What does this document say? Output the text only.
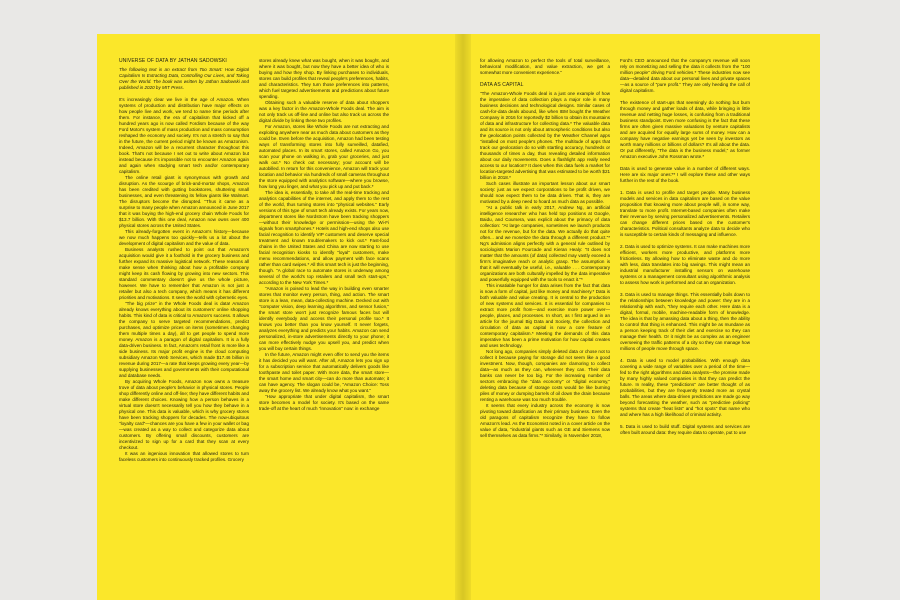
UNIVERSE OF DATA BY JATHAN SADOWSKI

The following text is an extract from Too Smart: How Digital Capitalism Is Extracting Data, Controlling Our Lives, and Taking Over the World. The book was written by Jathan Sadowski and published in 2020 by MIT Press.

It's increasingly clear we live in the age of Amazon. When systems of production and distribution have major effects on how people live and work, we tend to name time periods after them. For instance, the era of capitalism that kicked off a hundred years ago is now called Fordism because of the way Ford Motor's system of mass production and mass consumption reshaped the economy and society. It's not a stretch to say that in the future, the current period might be known as Amazonism. Indeed, Amazon will be a recurrent character throughout this book. That's not because I set out to write about Amazon but instead because it's impossible not to encounter Amazon again and again when studying smart tech and/or contemporary capitalism.

The online retail giant is synonymous with growth and disruption. As the scourge of brick-and-mortar shops, Amazon has been credited with gutting bookstores, shuttering small businesses, and even threatening its fellow giants like Walmart. The disruptors become the disrupted. "Thus it came as a surprise to many people when Amazon announced in June 2017 that it was buying the high-end grocery chain Whole Foods for $13.7 billion. With this one deal, Amazon now owns over 400 physical stores across the United States.

This already-forgotten event in Amazon's history—because we now much happens too quickly—tells us a lot about the development of digital capitalism and the value of data.

Business analysts rushed to point out that Amazon's acquisition would give it a foothold in the grocery business and further expand its massive logistical network. These reasons all make sense when thinking about how a profitable company might keep its cash flowing by growing into new sectors. This standard commentary doesn't give us the whole picture, however. We have to remember that Amazon is not just a retailer but also a tech company, which means it has different priorities and motivations. It sees the world with cybernetic eyes.

"The big prize" in the Whole Foods deal is data! Amazon already knows everything about its customers' online shopping habits. This kind of data is critical to Amazon's success. It allows the company to serve targeted recommendations, predict purchases, and optimize prices on items (sometimes changing them multiple times a day), all to get people to spend more money. Amazon is a paragon of digital capitalism. It is a fully data-driven business. In fact, Amazon's retail front is more like a side business. Its major profit engine is the cloud computing subsidiary Amazon Web Services, which made $17.46 billion in revenue during 2017—a rate that keeps growing every year—by supplying businesses and governments with their computational and database needs.

By acquiring Whole Foods, Amazon now owns a treasure trove of data about people's behavior in physical stores. People shop differently online and off-line; they have different habits and make different choices. Knowing how a person behaves in a virtual store doesn't necessarily tell you how they behave in a physical one. This data is valuable, which is why grocery stores have been tracking shoppers for decades. The now-ubiquitous "loyalty card"—chances are you have a few in your wallet or bag—was created as a way to collect and categorize data about customers. By offering small discounts, customers are incentivized to sign up for a card that they scan at every checkout.

It was an ingenious innovation that allowed stores to turn faceless customers into continuously tracked profiles. Grocery

stores already knew what was bought, when it was bought, and where it was bought, but now they have a better idea of who is buying and how they shop. By linking purchases to individuals, stores can build profiles that reveal people's preferences, habits, and characteristics. They turn those preferences into patterns, which fuel targeted advertisements and predictions about future spending.

Obtaining such a valuable reserve of data about shoppers was a key factor in the Amazon-Whole Foods deal. The aim is not only track us off-line and online but also track us across the digital divide by linking these two profiles.

For Amazon, stores like Whole Foods are not extracting and exploiting anywhere near as much data about customers as they could be. Even before the acquisition, Amazon had been testing ways of transforming stores into fully surveilled, datafied, automated places. In its smart stores, called Amazon Go, you scan your phone on walking in, grab your groceries, and just walk out.* No check out necessary; your account will be autobilled. In return for this convenience, Amazon will track your location and behavior via hundreds of small cameras throughout the store equipped with analytics software—where you browse, how long you linger, and what you pick up and put back.*

The idea is, essentially, to take all the real-time tracking and analytics capabilities of the internet, and apply them to the rest of the world, thus turning stores into "physical websites." Early versions of this type of smart tech already exists. For years now, department stores like Nordstrom have been tracking shoppers—without their knowledge or permission—using the Wi-Fi signals from smartphones.* Hotels and high-end shops also use facial recognition to identify VIP customers and deserve special treatment and known troublemakers to kick out.* Fast-food chains in the United States and China are now starting to use facial recognition kiosks to identify "loyal" customers, make menu recommendations, and allow payment with face scans rather than card swipes.* All this smart tech is just the beginning, though. "A global race to automate stores is underway among several of the world's top retailers and small tech start-ups," according to the New York Times.*

"Amazon is poised to lead the way in building even smarter stores that monitor every person, thing, and action. The smart store is a lean, mean, data-collecting machine. Decked out with "computer vision, deep learning algorithms, and sensor fusion," the smart store won't just recognize famous faces but will identify everybody and access their personal profile too.* It knows you better than you know yourself. It never forgets, analyzes everything and predicts your habits. Amazon can send personalized, in-store advertisements directly to your phone; it can more effectively nudge you upsell you, and predict when you will buy certain things.

In the future, Amazon might even offer to send you the items it has decided you will want. After all, Amazon lets you sign up for a subscription service that automatically delivers goods like toothpaste and toilet paper. With more data, the smart store—the smart home and smart city—can do more than automate; it can have agency. The slogan could be, "Amazon Choice: Toss away the grocery list. We already know what you want."

"How appropriate that under digital capitalism, the smart store becomes a model for society. It's based on the same trade-off at the heart of much "innovation" now: in exchange

for allowing Amazon to perfect the tools of total surveillance, behavioral modification, and value extraction, we get a somewhat more convenient experience."

DATA AS CAPITAL

"The Amazon-Whole Foods deal is a just one example of how the imperative of data collection plays a major role in many business decisions and technological designs. Similar cases of cash-for-data deals abound, like when IBM bought the Weather Company in 2016 for reportedly $2 billion to obtain its mountains of data and infrastructure for collecting data.* The valuable data and its source is not only about atmospheric conditions but also the geolocation points collected by the Weather Channel apps "installed on most people's phones. The multitude of apps that track our geolocation do so with startling accuracy, hundreds or thousands of times a day, thus revealing detailed information about our daily movements. Does a flashlight app really need access to our location? It does when this data fuels a market for location-targeted advertising that was estimated to be worth $21 billion in 2018.*

Such cases illustrate an important lesson about our smart society: just as we expect corporations to be profit driven, we should now expect them to be data driven. That is, they are motivated by a deep need to hoard as much data as possible.

"At a public talk in early 2017, Andrew Ng, an artificial intelligence researcher who has held top positions at Google, Baidu, and Coursera, was explicit about the primacy of data collection: "At large companies, sometimes we launch products not for the revenue, but for the data. We actually do that quite often... and we monetize the data through a different product."* Ng's admission aligns perfectly with a general rule outlined by sociologists Marion Fourcade and Kieran Healy: "It does not matter that the amounts (of data) collected may vastly exceed a firm's imaginative reach or analytic grasp. The assumption is that it will eventually be useful, i.e., valuable . . . Contemporary organizations are both culturally impelled by the data imperative and powerfully equipped with the tools to enact it."*

This insatiable hunger for data arises from the fact that data is now a form of capital, just like money and machinery.* Data is both valuable and value creating. It is central to the production of new systems and services. It is essential for companies to extract more profit from—and exercise more power over—people, places, and processes. In short, as I first argued in an article for the journal Big Data and Society, the collection and circulation of data as capital is now a core feature of contemporary capitalism.* Meeting the demands of this data imperative has been a prime motivation for how capital creates and uses technology.

Not long ago, companies simply deleted data or chose not to collect it because paying for storage did not seem like a good investment. Now, though, companies are clamoring to collect data—as much as they can, wherever they can. Their data banks can never be too big. For the increasing number of sectors embracing the "data economy" or "digital economy," deleting data because of storage costs would be like burning piles of money or dumping barrels of oil down the drain because renting a warehouse was too much trouble.

It seems that every industry across the economy is now pivoting toward datafication as their primary business. Even the old paragons of capitalism recognize they have to follow Amazon's lead. As the Economist noted in a cover article on the value of data, "industrial giants such as GE and Siemens now sell themselves as data firms."* Similarly, in November 2018,

Ford's CEO announced that the company's revenue will soon rely on monetizing and selling the data it collects from the "100 million people" driving Ford vehicles.* These industries now see data—detailed data about our personal lives and private spaces—as a source of "pure profit." They are only heeding the call of digital capitalism.

The existence of start-ups that seemingly do nothing but burn through money and gather loads of data, while bringing in little revenue and netting huge losses, is confusing from a traditional business standpoint. Even more confusing is the fact that these firms are often given massive valuations by venture capitalists and are acquired for equally large sums of money. How can a company have negative earnings yet be seen by investors as worth many millions or billions of dollars? It's all about the data. Or put differently, "The data is the business model," as former Amazon executive John Rossman wrote.*

Data is used to generate value in a number of different ways. Here are six major ones:** I will explore these and other ways further in the rest of the book.

1. Data is used to profile and target people. Many business models and services in data capitalism are based on the value proposition that knowing more about people will, in some way, translate to more profit. Internet-based companies often make their revenue by serving personalized advertisements. Retailers can change different prices based on the customer's characteristics. Political consultants analyze data to decide who is susceptible to certain kinds of messaging and influence.

2. Data is used to optimize systems. It can make machines more efficient, workers more productive, and platforms more frictionless. By allowing how to eliminate waste and do more with less, data translates into big savings. This might mean an industrial manufacturer installing sensors on warehouse systems or a management consultant using algorithmic analysis to assess how work is performed and cut an organization.

3. Data is used to manage things. This essentially boils down to the relationships between knowledge and power: they are in a relationship with each, "they require each other. Here data is a digital, formal, mobile, machine-readable form of knowledge. The idea is that by amassing data about a thing, then the ability to control that thing is enhanced. This might be as mundane as a person keeping track of their diet and exercise so they can manage their health. Or it might be as complex as an engineer overseeing the traffic patterns of a city so they can manage how millions of people move through space.

4. Data is used to model probabilities. With enough data covering a wide range of variables over a period of the time—fed to the right algorithms and data analysts—the promise made by many highly valued companies is that they can predict the future. In reality, these "predictions" are better thought of as probabilities, but they are frequently treated more as crystal balls. The areas where data-driven predictions are made go way beyond forecasting the weather, such as "predictive policing" systems that create "heat lists" and "hot spots" that name who and where has a high likelihood of criminal activity.

5. Data is used to build stuff. Digital systems and services are often built around data: they require data to operate, put to use
